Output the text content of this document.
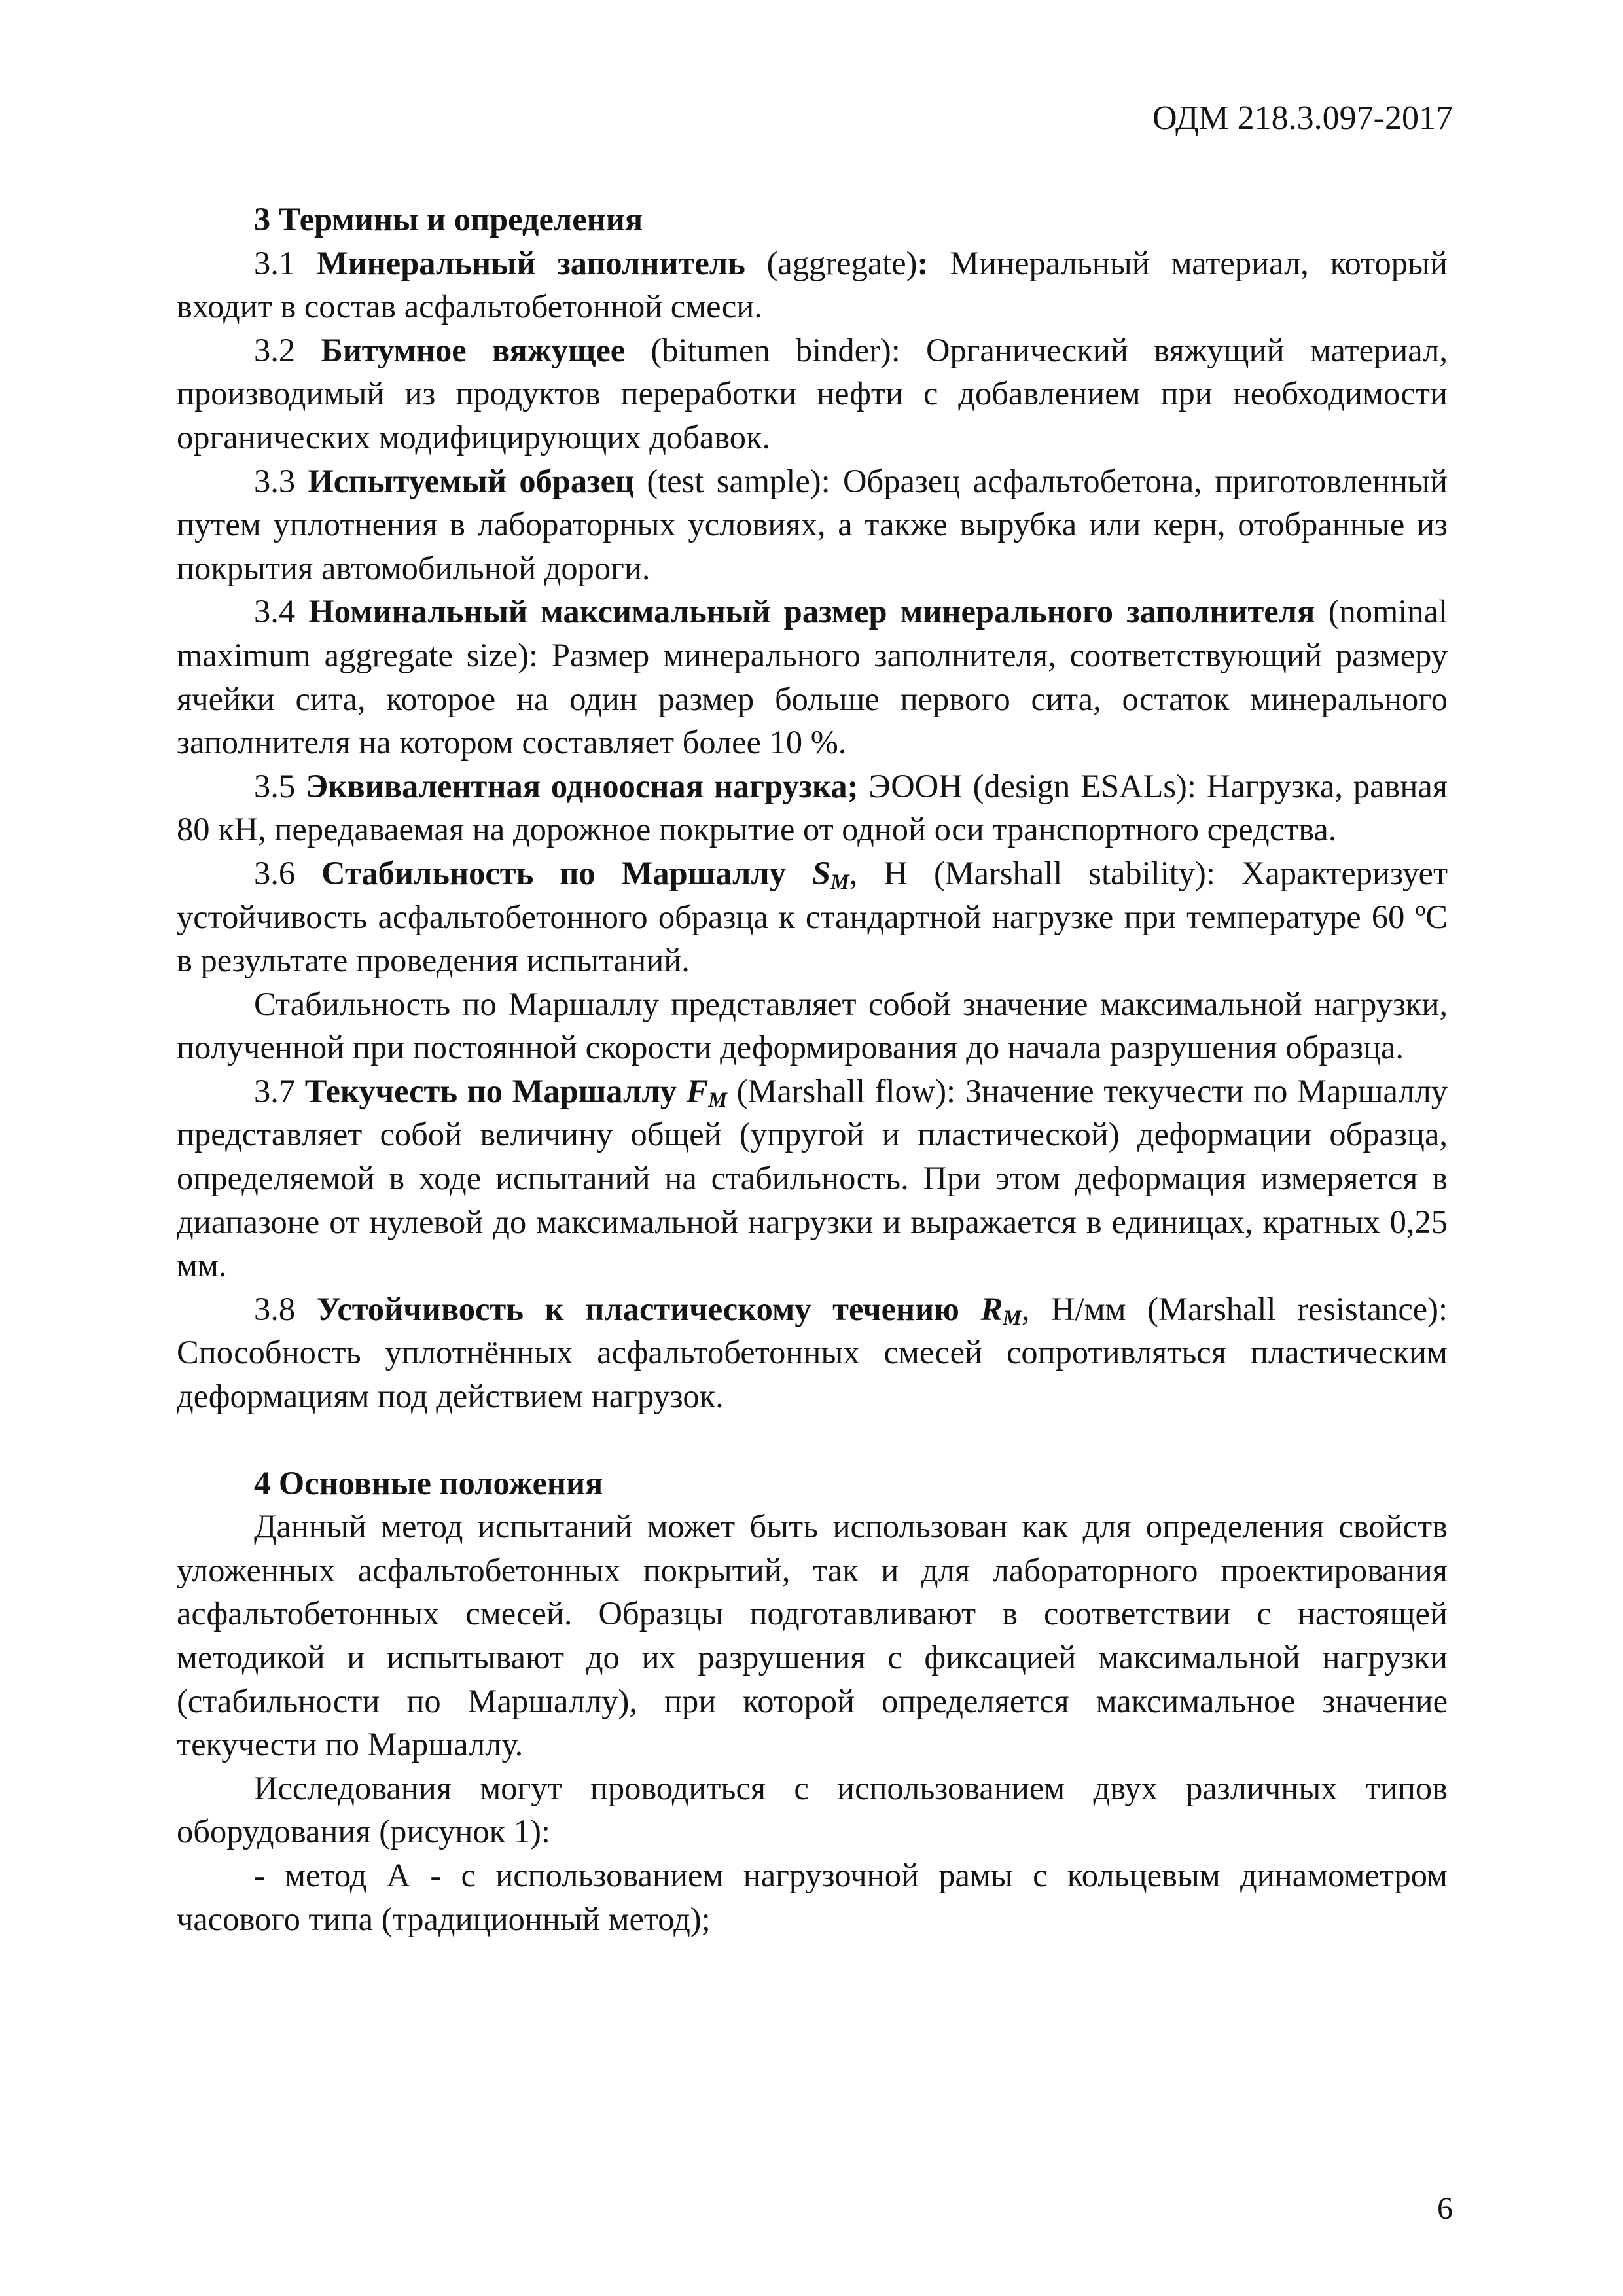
ОДМ 218.3.097-2017

3 Термины и определения

3.1 Минеральный заполнитель (aggregate): Минеральный материал, который входит в состав асфальтобетонной смеси.

3.2 Битумное вяжущее (bitumen binder): Органический вяжущий материал, производимый из продуктов переработки нефти с добавлением при необходимости органических модифицирующих добавок.

3.3 Испытуемый образец (test sample): Образец асфальтобетона, приготовленный путем уплотнения в лабораторных условиях, а также вырубка или керн, отобранные из покрытия автомобильной дороги.

3.4 Номинальный максимальный размер минерального заполнителя (nominal maximum aggregate size): Размер минерального заполнителя, соответствующий размеру ячейки сита, которое на один размер больше первого сита, остаток минерального заполнителя на котором составляет более 10 %.

3.5 Эквивалентная одноосная нагрузка; ЭООН (design ESALs): Нагрузка, равная 80 кН, передаваемая на дорожное покрытие от одной оси транспортного средства.

3.6 Стабильность по Маршаллу $S_M$, Н (Marshall stability): Характеризует устойчивость асфальтобетонного образца к стандартной нагрузке при температуре 60 ºС в результате проведения испытаний.

Стабильность по Маршаллу представляет собой значение максимальной нагрузки, полученной при постоянной скорости деформирования до начала разрушения образца.

3.7 Текучесть по Маршаллу $F_M$ (Marshall flow): Значение текучести по Маршаллу представляет собой величину общей (упругой и пластической) деформации образца, определяемой в ходе испытаний на стабильность. При этом деформация измеряется в диапазоне от нулевой до максимальной нагрузки и выражается в единицах, кратных 0,25 мм.

3.8 Устойчивость к пластическому течению $R_M$, Н/мм (Marshall resistance): Способность уплотнённых асфальтобетонных смесей сопротивляться пластическим деформациям под действием нагрузок.

4 Основные положения

Данный метод испытаний может быть использован как для определения свойств уложенных асфальтобетонных покрытий, так и для лабораторного проектирования асфальтобетонных смесей. Образцы подготавливают в соответствии с настоящей методикой и испытывают до их разрушения с фиксацией максимальной нагрузки (стабильности по Маршаллу), при которой определяется максимальное значение текучести по Маршаллу.

Исследования могут проводиться с использованием двух различных типов оборудования (рисунок 1):

- метод А - с использованием нагрузочной рамы с кольцевым динамометром часового типа (традиционный метод);

6
